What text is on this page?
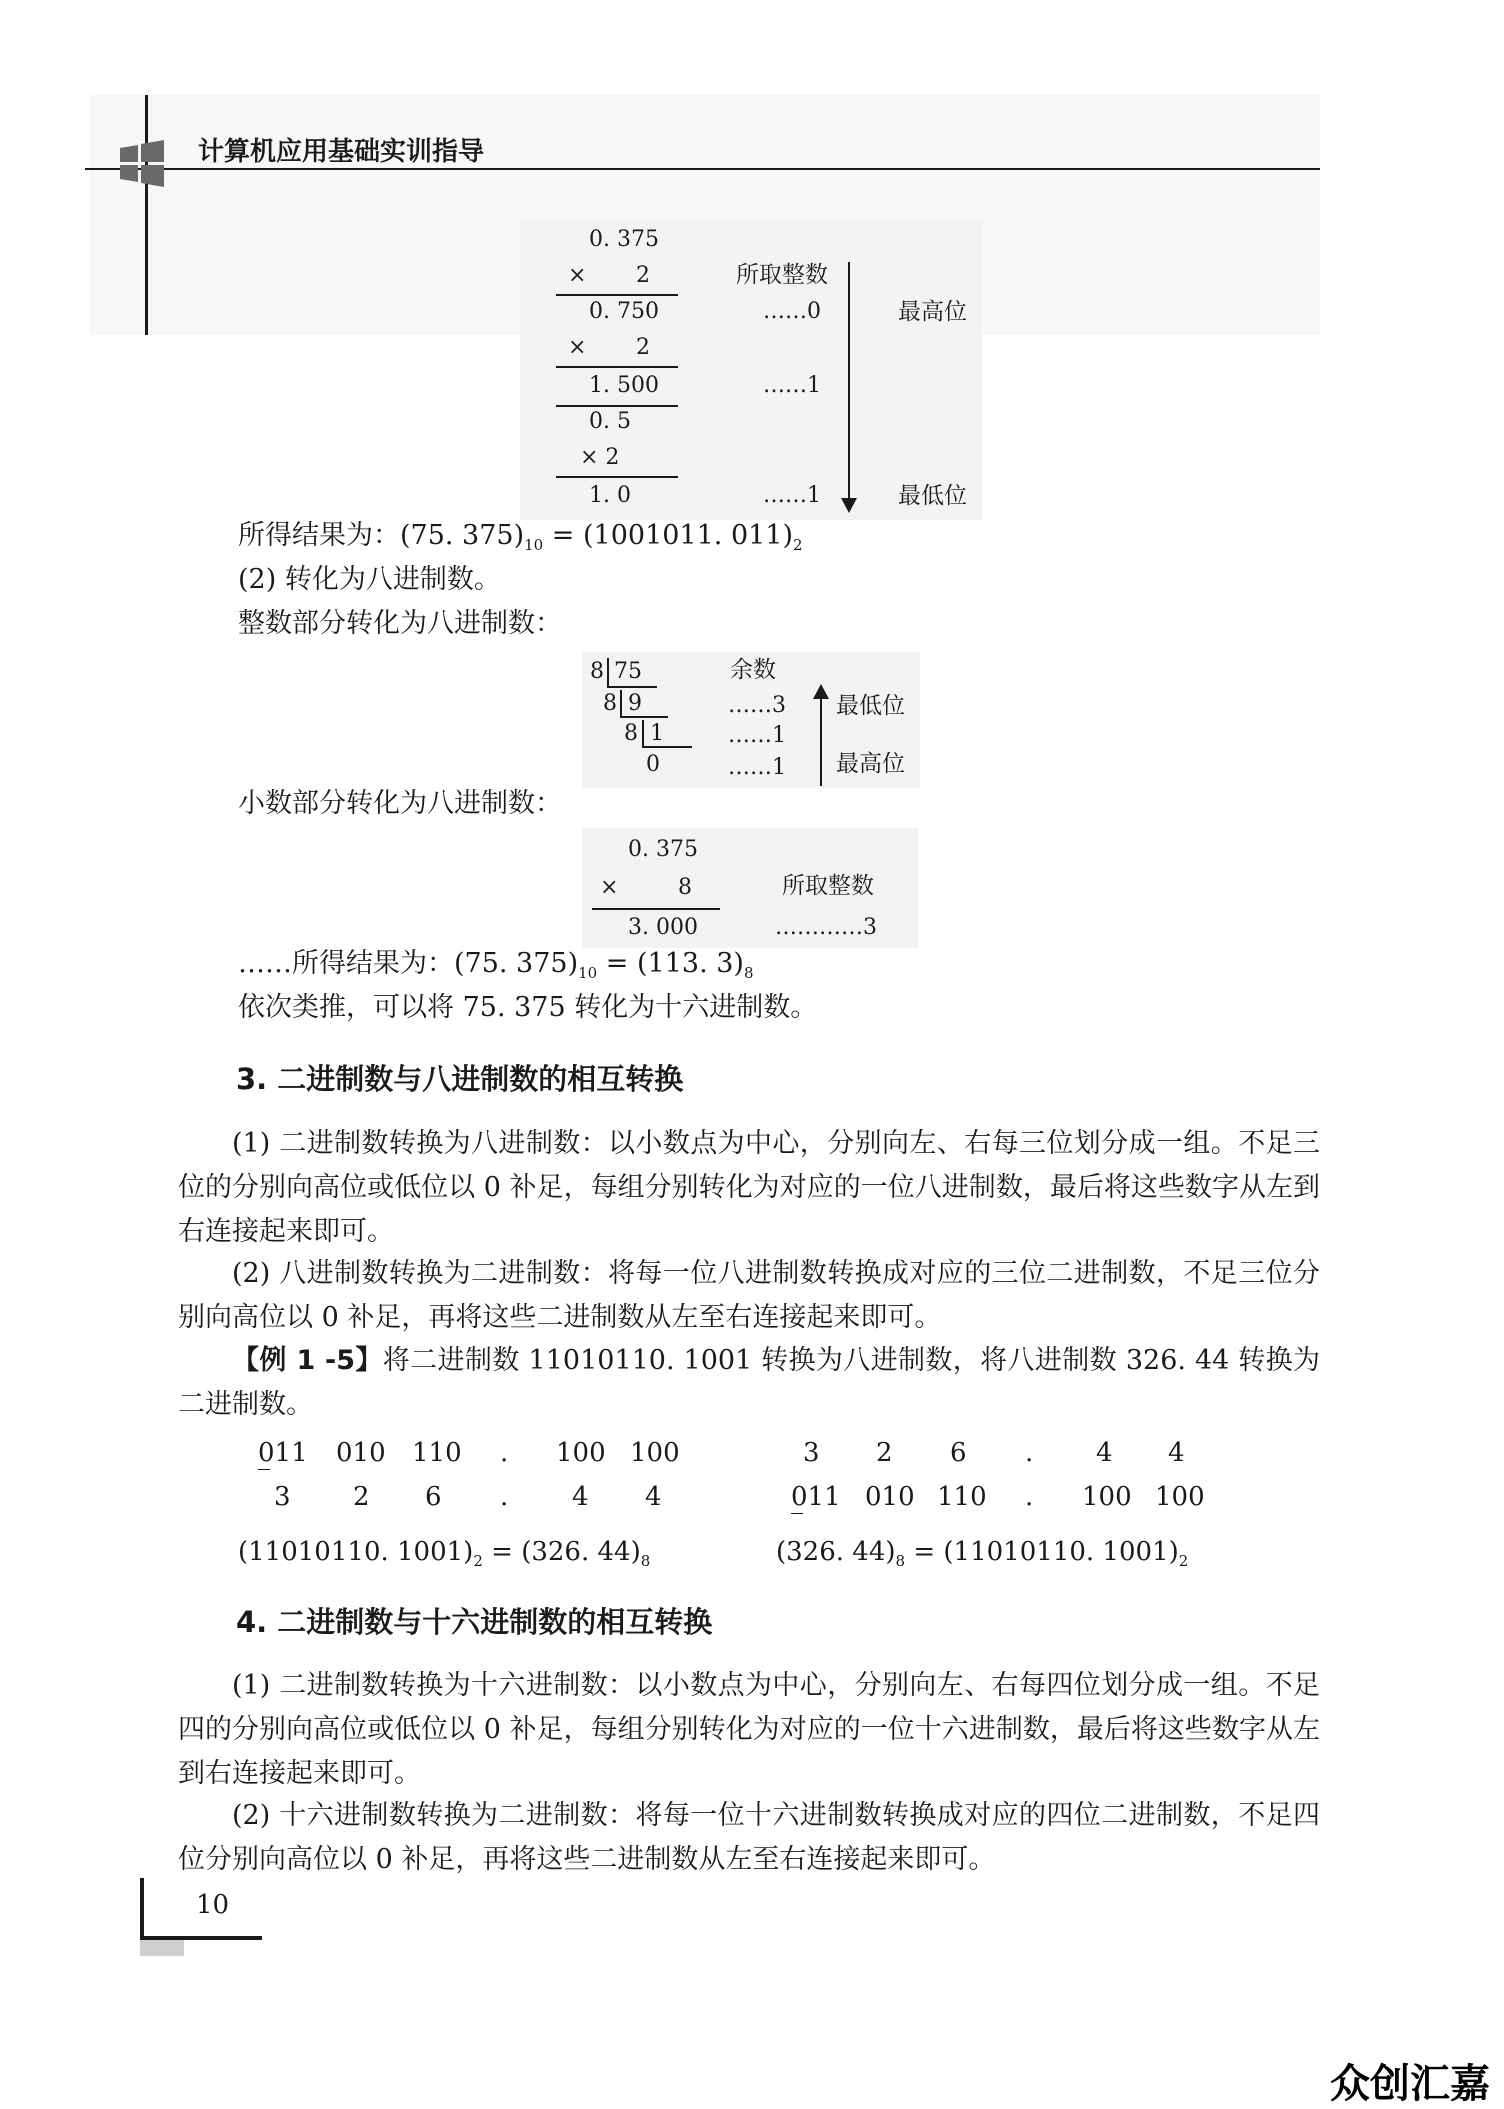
计算机应用基础实训指导
0. 375
× 2
0. 750
× 2
1. 500
0. 5
× 2
1. 0
所取整数
……0
……1
……1
最高位
最低位
所得结果为：(75. $375)_{10} = (1001011$. $011)_2$
(2) 转化为八进制数。
整数部分转化为八进制数：
8 75
8 9
8 1
0
余数
……3
……1
……1
最低位
最高位
小数部分转化为八进制数：
0. 375
×	8
3. 000
所取整数
…………3
……所得结果为：(75. $375)_{10} = (113$. $3)_8$
依次类推，可以将 75. 375 转化为十六进制数。
3. 二进制数与八进制数的相互转换
(1) 二进制数转换为八进制数：以小数点为中心，分别向左、右每三位划分成一组。不足三位的分别向高位或低位以 0 补足，每组分别转化为对应的一位八进制数，最后将这些数字从左到右连接起来即可。
(2) 八进制数转换为二进制数：将每一位八进制数转换成对应的三位二进制数，不足三位分别向高位以 0 补足，再将这些二进制数从左至右连接起来即可。
【例 1 -5】将二进制数 11010110. 1001 转换为八进制数，将八进制数 326. 44 转换为二进制数。
011 010 110 . 100 100
3 2 6 . 4 4
3 2 6 . 4 4
011 010 110 . 100 100
(11010110. $1001)_2 = (326$. $44)_8$	(326. $44)_8 = (11010110$. $1001)_2$
4. 二进制数与十六进制数的相互转换
(1) 二进制数转换为十六进制数：以小数点为中心，分别向左、右每四位划分成一组。不足四的分别向高位或低位以 0 补足，每组分别转化为对应的一位十六进制数，最后将这些数字从左到右连接起来即可。
(2) 十六进制数转换为二进制数：将每一位十六进制数转换成对应的四位二进制数，不足四位分别向高位以 0 补足，再将这些二进制数从左至右连接起来即可。
10
众创汇嘉
